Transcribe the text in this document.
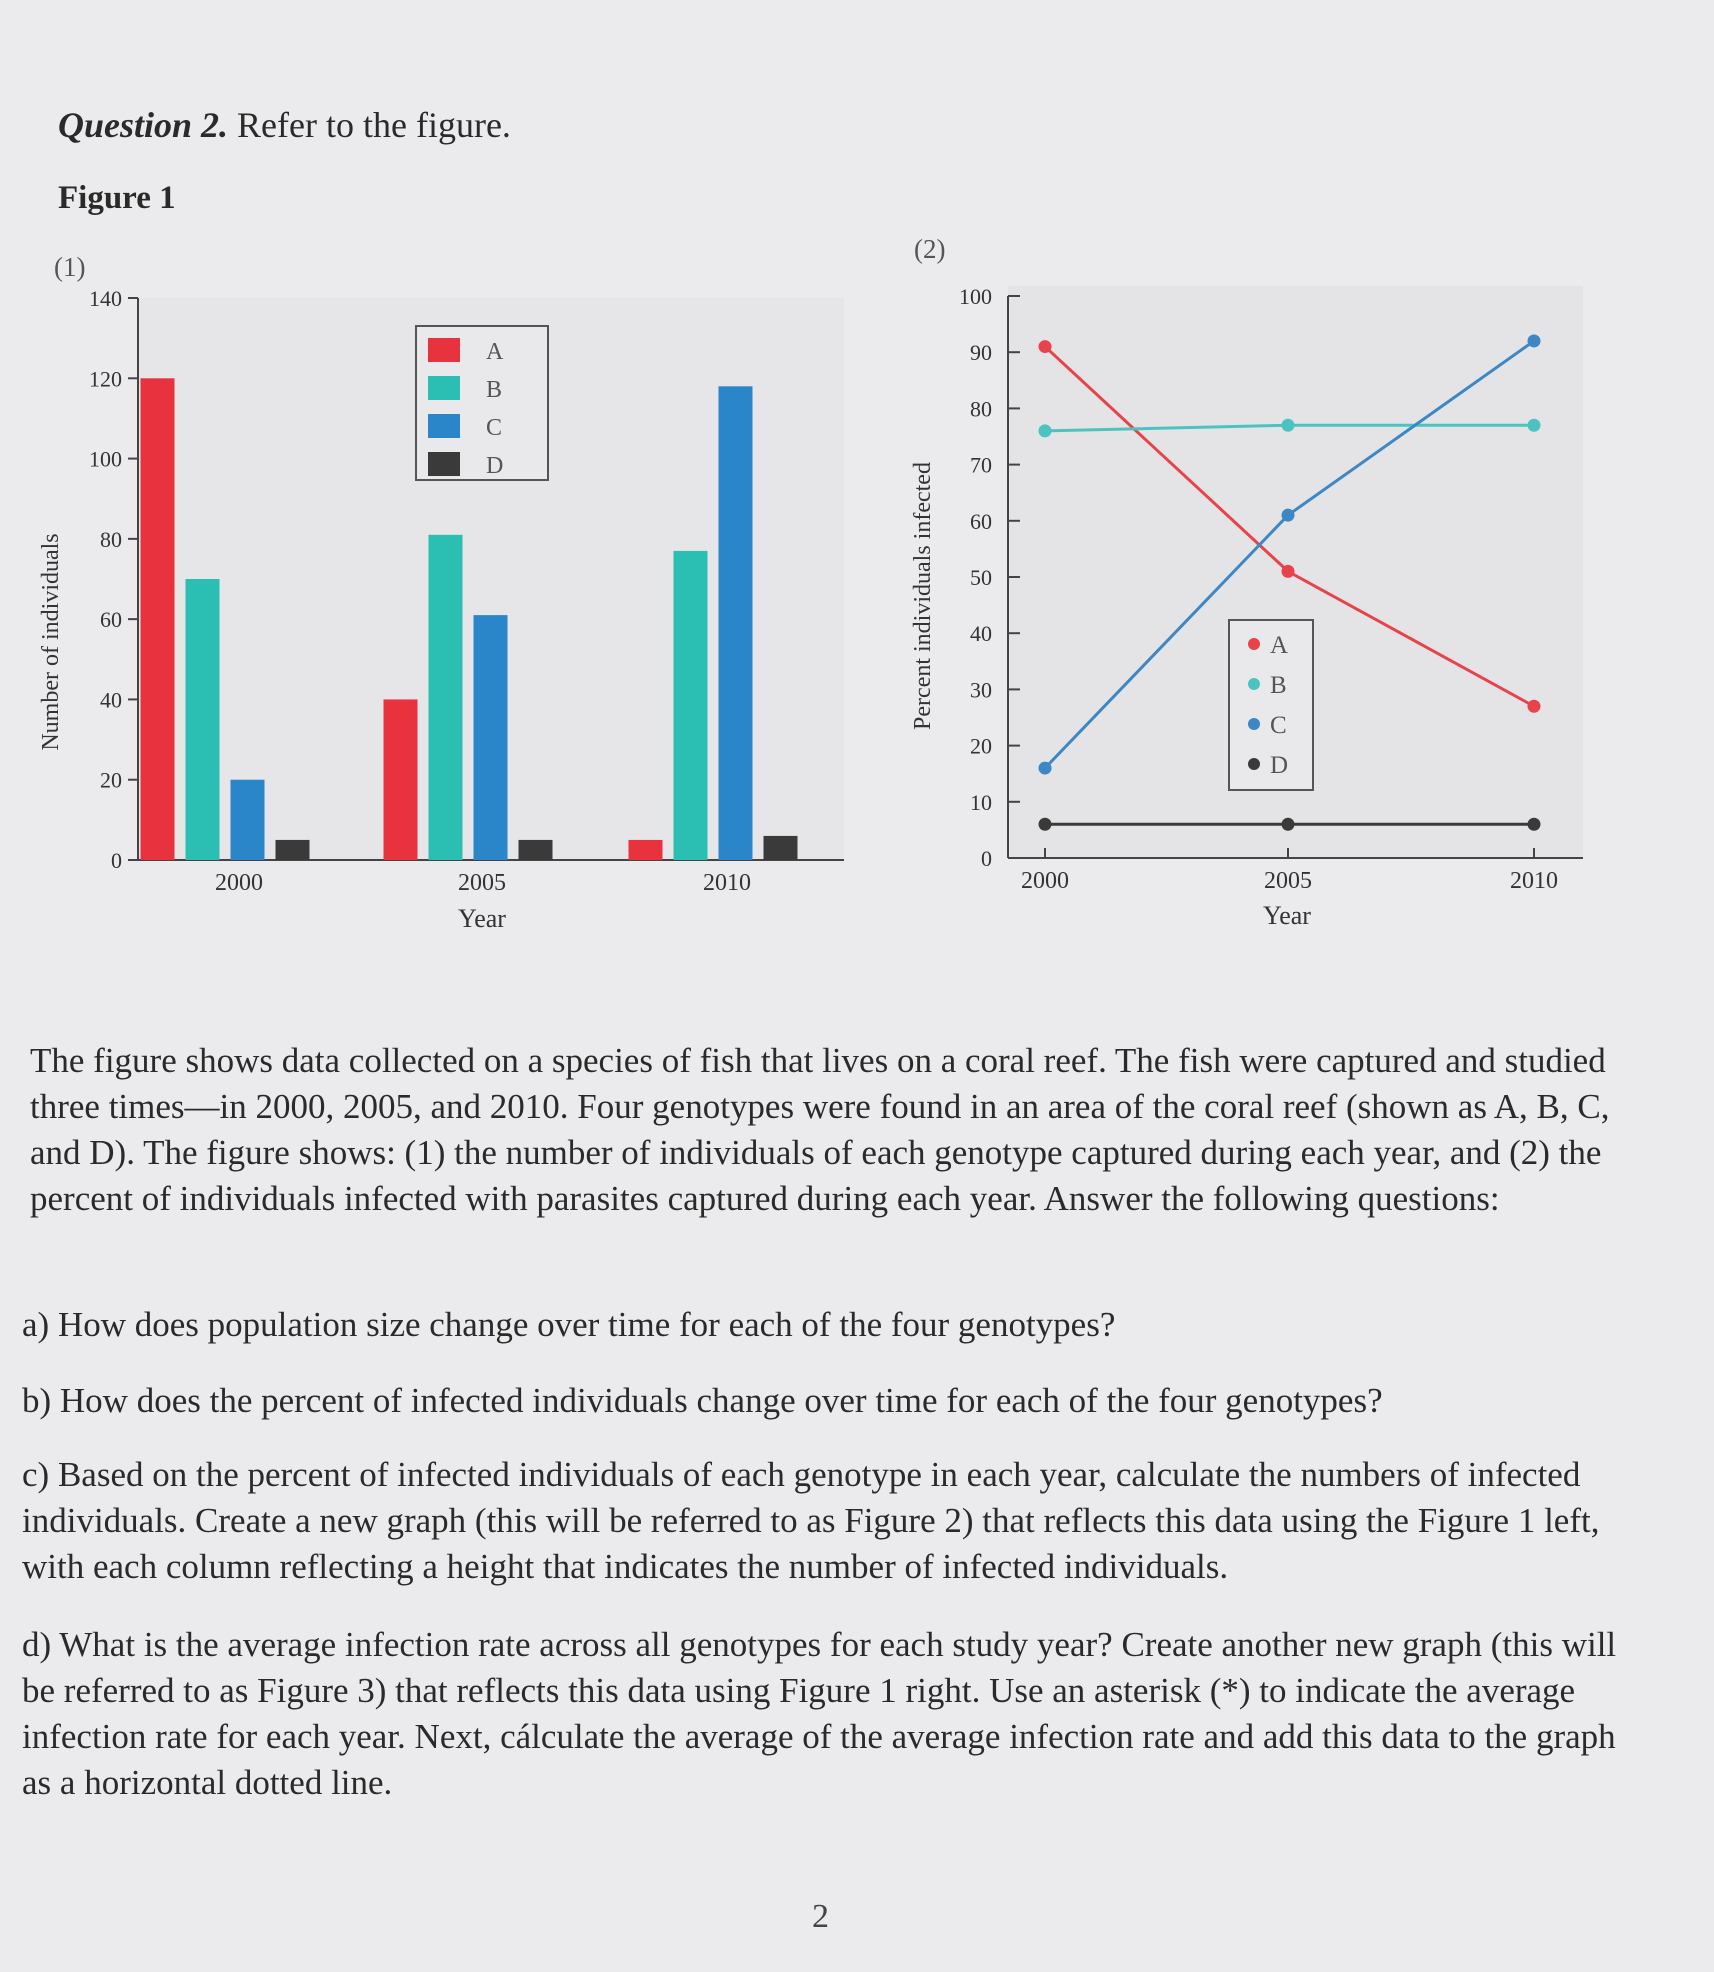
Question 2. Refer to the figure.
Figure 1
(1)
(2)
0
20
40
60
80
100
120
140
2000	2005	2010
A
B
C
D
Number of individuals
Year
0
10
20
30
40
50
60
70
80
90
100
2000	2005	2010
A
B
C
D
Percent individuals infected
Year
The figure shows data collected on a species of fish that lives on a coral reef. The fish were captured and studied three times—in 2000, 2005, and 2010. Four genotypes were found in an area of the coral reef (shown as A, B, C, and D). The figure shows: (1) the number of individuals of each genotype captured during each year, and (2) the percent of individuals infected with parasites captured during each year. Answer the following questions:
a) How does population size change over time for each of the four genotypes?
b) How does the percent of infected individuals change over time for each of the four genotypes?
c) Based on the percent of infected individuals of each genotype in each year, calculate the numbers of infected individuals. Create a new graph (this will be referred to as Figure 2) that reflects this data using the Figure 1 left, with each column reflecting a height that indicates the number of infected individuals.
d) What is the average infection rate across all genotypes for each study year? Create another new graph (this will be referred to as Figure 3) that reflects this data using Figure 1 right. Use an asterisk (*) to indicate the average infection rate for each year. Next, cálculate the average of the average infection rate and add this data to the graph as a horizontal dotted line.
2
